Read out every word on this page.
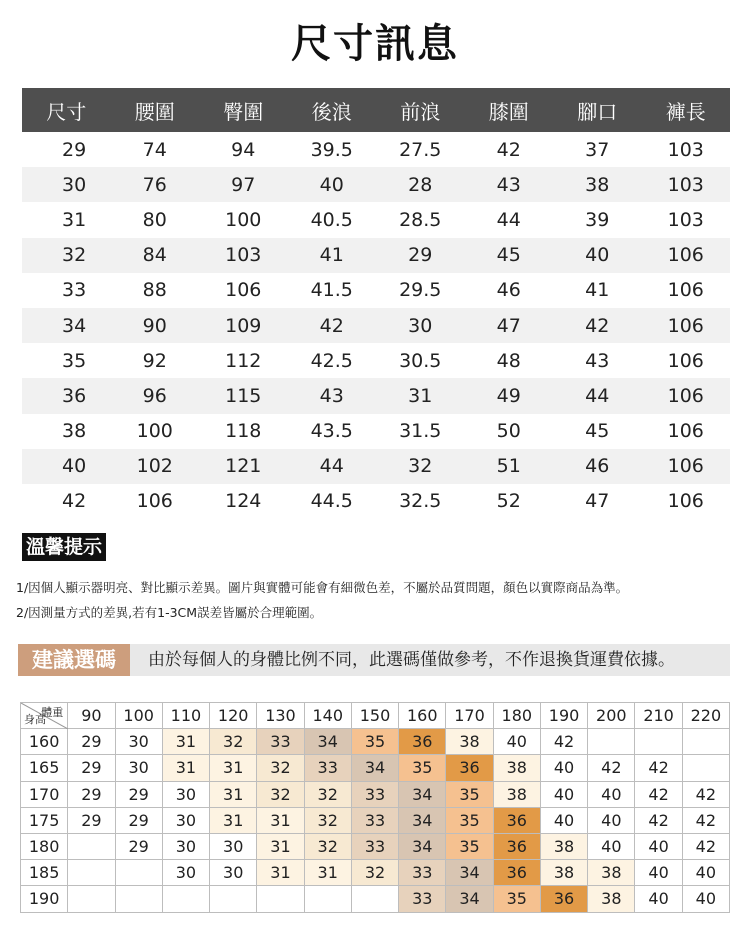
尺寸訊息
尺寸	腰圍	臀圍	後浪	前浪	膝圍	腳口	褲長
29	74	94	39.5	27.5	42	37	103
30	76	97	40	28	43	38	103
31	80	100	40.5	28.5	44	39	103
32	84	103	41	29	45	40	106
33	88	106	41.5	29.5	46	41	106
34	90	109	42	30	47	42	106
35	92	112	42.5	30.5	48	43	106
36	96	115	43	31	49	44	106
38	100	118	43.5	31.5	50	45	106
40	102	121	44	32	51	46	106
42	106	124	44.5	32.5	52	47	106
溫馨提示
1/因個人顯示器明亮、對比顯示差異。圖片與實體可能會有細微色差，不屬於品質問題，顏色以實際商品為準。
2/因測量方式的差異,若有1-3CM誤差皆屬於合理範圍。
建議選碼	由於每個人的身體比例不同，此選碼僅做參考，不作退換貨運費依據。
體重
身高	90	100	110	120	130	140	150	160	170	180	190	200	210	220
160	29	30	31	32	33	34	35	36	38	40	42			
165	29	30	31	31	32	33	34	35	36	38	40	42	42	
170	29	29	30	31	32	32	33	34	35	38	40	40	42	42
175	29	29	30	31	31	32	33	34	35	36	40	40	42	42
180		29	30	30	31	32	33	34	35	36	38	40	40	42
185			30	30	31	31	32	33	34	36	38	38	40	40
190								33	34	35	36	38	40	40
